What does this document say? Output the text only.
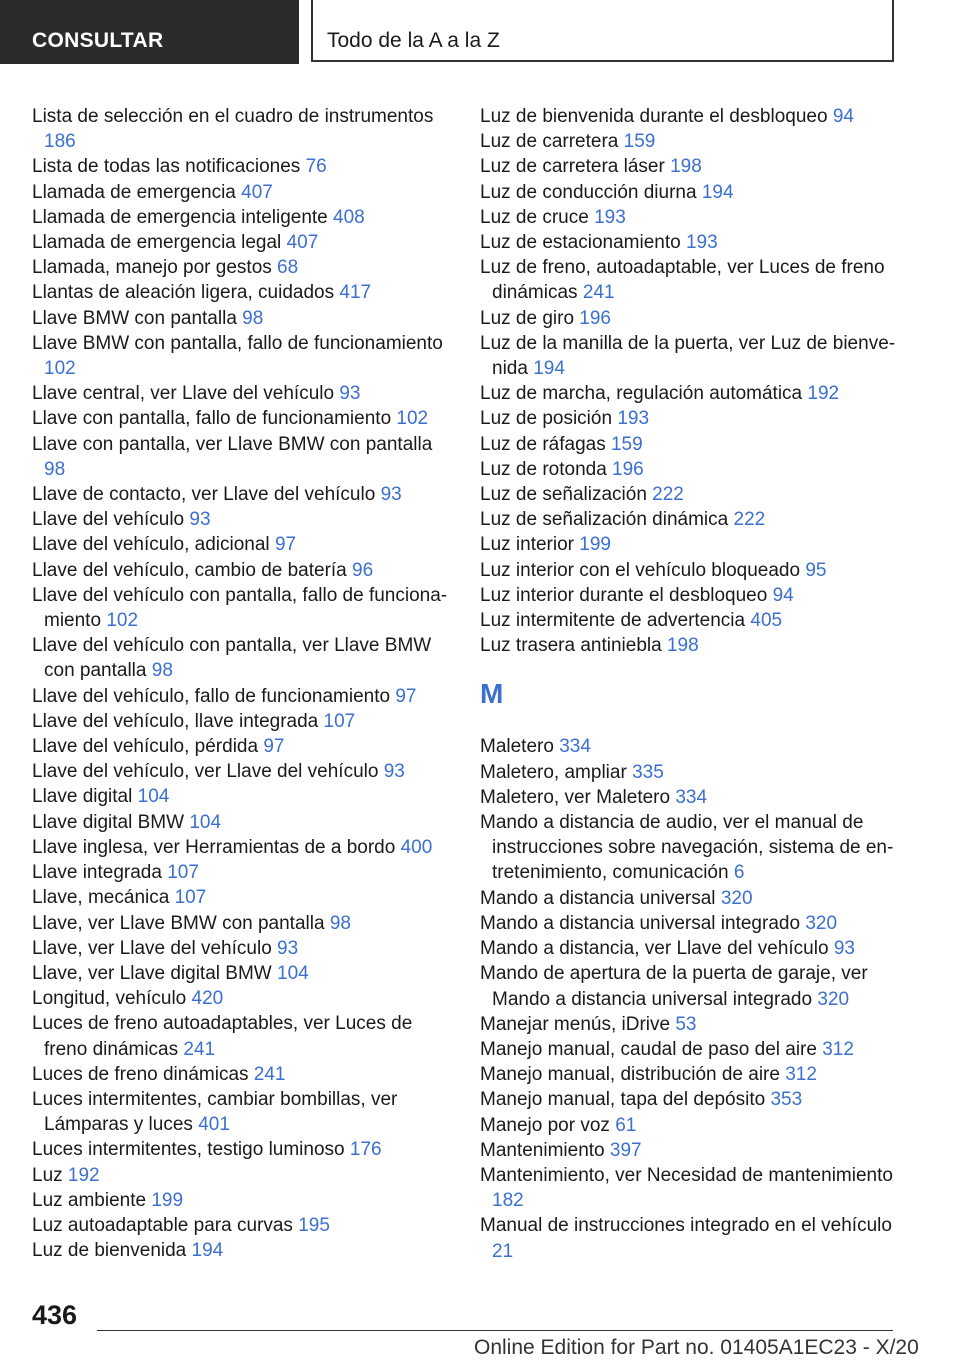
CONSULTAR	Todo de la A a la Z
Lista de selección en el cuadro de instrumentos 186
Lista de todas las notificaciones 76
Llamada de emergencia 407
Llamada de emergencia inteligente 408
Llamada de emergencia legal 407
Llamada, manejo por gestos 68
Llantas de aleación ligera, cuidados 417
Llave BMW con pantalla 98
Llave BMW con pantalla, fallo de funcionamiento 102
Llave central, ver Llave del vehículo 93
Llave con pantalla, fallo de funcionamiento 102
Llave con pantalla, ver Llave BMW con pantalla 98
Llave de contacto, ver Llave del vehículo 93
Llave del vehículo 93
Llave del vehículo, adicional 97
Llave del vehículo, cambio de batería 96
Llave del vehículo con pantalla, fallo de funcionamiento 102
Llave del vehículo con pantalla, ver Llave BMW con pantalla 98
Llave del vehículo, fallo de funcionamiento 97
Llave del vehículo, llave integrada 107
Llave del vehículo, pérdida 97
Llave del vehículo, ver Llave del vehículo 93
Llave digital 104
Llave digital BMW 104
Llave inglesa, ver Herramientas de a bordo 400
Llave integrada 107
Llave, mecánica 107
Llave, ver Llave BMW con pantalla 98
Llave, ver Llave del vehículo 93
Llave, ver Llave digital BMW 104
Longitud, vehículo 420
Luces de freno autoadaptables, ver Luces de freno dinámicas 241
Luces de freno dinámicas 241
Luces intermitentes, cambiar bombillas, ver Lámparas y luces 401
Luces intermitentes, testigo luminoso 176
Luz 192
Luz ambiente 199
Luz autoadaptable para curvas 195
Luz de bienvenida 194
Luz de bienvenida durante el desbloqueo 94
Luz de carretera 159
Luz de carretera láser 198
Luz de conducción diurna 194
Luz de cruce 193
Luz de estacionamiento 193
Luz de freno, autoadaptable, ver Luces de freno dinámicas 241
Luz de giro 196
Luz de la manilla de la puerta, ver Luz de bienvenida 194
Luz de marcha, regulación automática 192
Luz de posición 193
Luz de ráfagas 159
Luz de rotonda 196
Luz de señalización 222
Luz de señalización dinámica 222
Luz interior 199
Luz interior con el vehículo bloqueado 95
Luz interior durante el desbloqueo 94
Luz intermitente de advertencia 405
Luz trasera antiniebla 198
M
Maletero 334
Maletero, ampliar 335
Maletero, ver Maletero 334
Mando a distancia de audio, ver el manual de instrucciones sobre navegación, sistema de entretenimiento, comunicación 6
Mando a distancia universal 320
Mando a distancia universal integrado 320
Mando a distancia, ver Llave del vehículo 93
Mando de apertura de la puerta de garaje, ver Mando a distancia universal integrado 320
Manejar menús, iDrive 53
Manejo manual, caudal de paso del aire 312
Manejo manual, distribución de aire 312
Manejo manual, tapa del depósito 353
Manejo por voz 61
Mantenimiento 397
Mantenimiento, ver Necesidad de mantenimiento 182
Manual de instrucciones integrado en el vehículo 21
436
Online Edition for Part no. 01405A1EC23 - X/20
